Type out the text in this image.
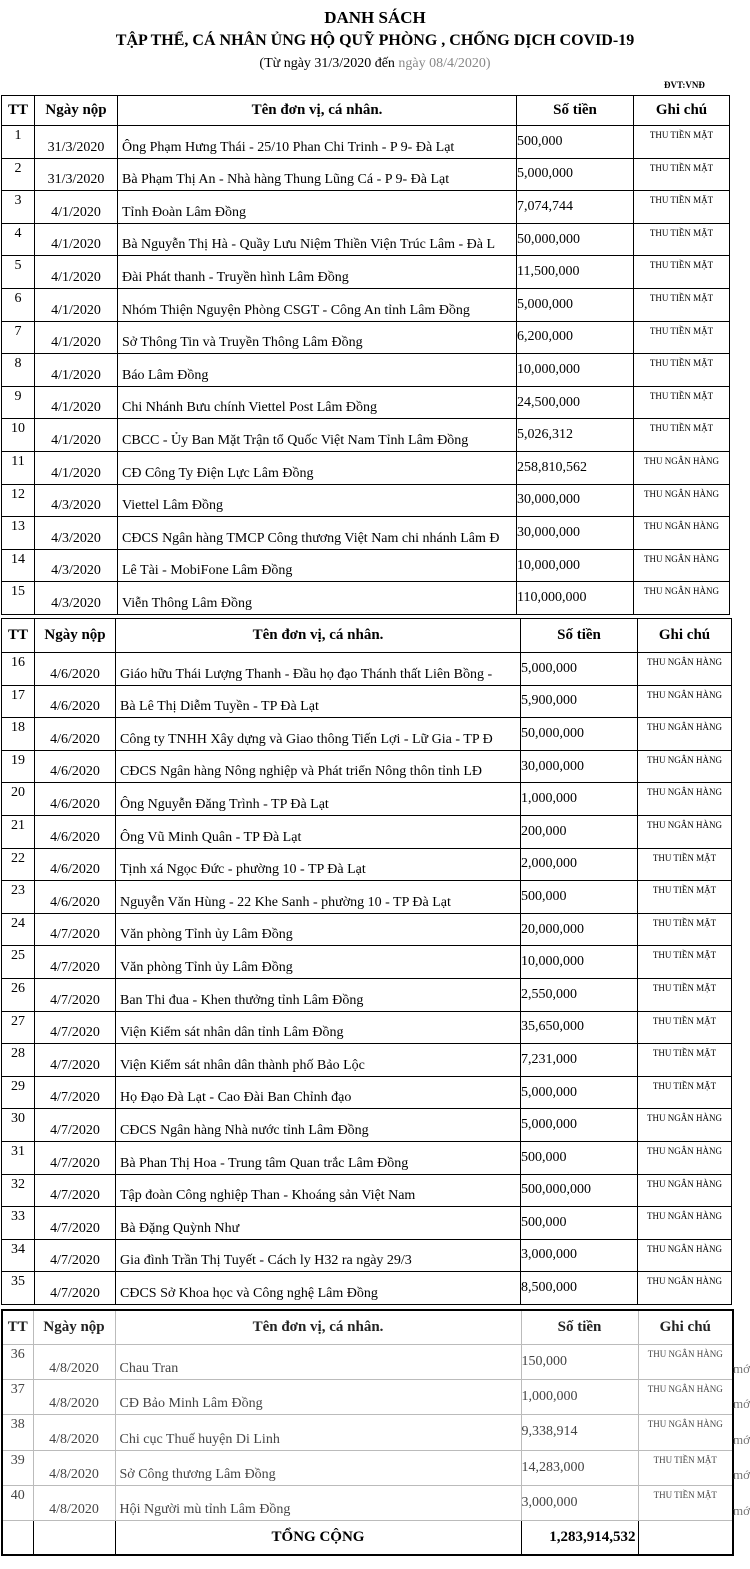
DANH SÁCH
TẬP THỂ, CÁ NHÂN ỦNG HỘ QUỸ PHÒNG , CHỐNG DỊCH COVID-19
(Từ ngày 31/3/2020 đến ngày 08/4/2020)
ĐVT:VNĐ
TT	Ngày nộp	Tên đơn vị, cá nhân.	Số tiền	Ghi chú
1	31/3/2020	Ông Phạm Hưng Thái - 25/10 Phan Chi Trinh - P 9- Đà Lạt	500,000	THU TIỀN MẶT
2	31/3/2020	Bà Phạm Thị An - Nhà hàng Thung Lũng Cá - P 9- Đà Lạt	5,000,000	THU TIỀN MẶT
3	4/1/2020	Tỉnh Đoàn Lâm Đồng	7,074,744	THU TIỀN MẶT
4	4/1/2020	Bà Nguyễn Thị Hà - Quầy Lưu Niệm Thiền Viện Trúc Lâm - Đà L	50,000,000	THU TIỀN MẶT
5	4/1/2020	Đài Phát thanh - Truyền hình Lâm Đồng	11,500,000	THU TIỀN MẶT
6	4/1/2020	Nhóm Thiện Nguyện Phòng CSGT - Công An tỉnh Lâm Đồng	5,000,000	THU TIỀN MẶT
7	4/1/2020	Sở Thông Tin và Truyền Thông Lâm Đồng	6,200,000	THU TIỀN MẶT
8	4/1/2020	Báo Lâm Đồng	10,000,000	THU TIỀN MẶT
9	4/1/2020	Chi Nhánh Bưu chính Viettel Post Lâm Đồng	24,500,000	THU TIỀN MẶT
10	4/1/2020	CBCC - Ủy Ban Mặt Trận tổ Quốc Việt Nam Tỉnh Lâm Đồng	5,026,312	THU TIỀN MẶT
11	4/1/2020	CĐ Công Ty Điện Lực Lâm Đồng	258,810,562	THU NGÂN HÀNG
12	4/3/2020	Viettel Lâm Đồng	30,000,000	THU NGÂN HÀNG
13	4/3/2020	CĐCS Ngân hàng TMCP Công thương Việt Nam chi nhánh Lâm Đ	30,000,000	THU NGÂN HÀNG
14	4/3/2020	Lê Tài - MobiFone Lâm Đồng	10,000,000	THU NGÂN HÀNG
15	4/3/2020	Viễn Thông Lâm Đồng	110,000,000	THU NGÂN HÀNG
TT	Ngày nộp	Tên đơn vị, cá nhân.	Số tiền	Ghi chú
16	4/6/2020	Giáo hữu Thái Lượng Thanh - Đầu họ đạo Thánh thất Liên Bồng -	5,000,000	THU NGÂN HÀNG
17	4/6/2020	Bà Lê Thị Diễm Tuyền - TP Đà Lạt	5,900,000	THU NGÂN HÀNG
18	4/6/2020	Công ty TNHH Xây dựng và Giao thông Tiến Lợi - Lữ Gia - TP Đ	50,000,000	THU NGÂN HÀNG
19	4/6/2020	CĐCS Ngân hàng Nông nghiệp và Phát triển Nông thôn tỉnh LĐ	30,000,000	THU NGÂN HÀNG
20	4/6/2020	Ông Nguyễn Đăng Trình - TP Đà Lạt	1,000,000	THU NGÂN HÀNG
21	4/6/2020	Ông Vũ Minh Quân - TP Đà Lạt	200,000	THU NGÂN HÀNG
22	4/6/2020	Tịnh xá Ngọc Đức - phường 10 - TP Đà Lạt	2,000,000	THU TIỀN MẶT
23	4/6/2020	Nguyễn Văn Hùng - 22 Khe Sanh - phường 10 - TP Đà Lạt	500,000	THU TIỀN MẶT
24	4/7/2020	Văn phòng Tỉnh ủy Lâm Đồng	20,000,000	THU TIỀN MẶT
25	4/7/2020	Văn phòng Tỉnh ủy Lâm Đồng	10,000,000	THU TIỀN MẶT
26	4/7/2020	Ban Thi đua - Khen thưởng tỉnh Lâm Đồng	2,550,000	THU TIỀN MẶT
27	4/7/2020	Viện Kiểm sát nhân dân tỉnh Lâm Đồng	35,650,000	THU TIỀN MẶT
28	4/7/2020	Viện Kiểm sát nhân dân thành phố Bảo Lộc	7,231,000	THU TIỀN MẶT
29	4/7/2020	Họ Đạo Đà Lạt - Cao Đài Ban Chỉnh đạo	5,000,000	THU TIỀN MẶT
30	4/7/2020	CĐCS Ngân hàng Nhà nước tỉnh Lâm Đồng	5,000,000	THU NGÂN HÀNG
31	4/7/2020	Bà Phan Thị Hoa - Trung tâm Quan trắc Lâm Đồng	500,000	THU NGÂN HÀNG
32	4/7/2020	Tập đoàn Công nghiệp Than - Khoáng sản Việt Nam	500,000,000	THU NGÂN HÀNG
33	4/7/2020	Bà Đặng Quỳnh Như	500,000	THU NGÂN HÀNG
34	4/7/2020	Gia đình Trần Thị Tuyết - Cách ly H32 ra ngày 29/3	3,000,000	THU NGÂN HÀNG
35	4/7/2020	CĐCS Sở Khoa học và Công nghệ Lâm Đồng	8,500,000	THU NGÂN HÀNG
TT	Ngày nộp	Tên đơn vị, cá nhân.	Số tiền	Ghi chú
36	4/8/2020	Chau Tran	150,000	THU NGÂN HÀNG
37	4/8/2020	CĐ Bảo Minh Lâm Đồng	1,000,000	THU NGÂN HÀNG
38	4/8/2020	Chi cục Thuế huyện Di Linh	9,338,914	THU NGÂN HÀNG
39	4/8/2020	Sở Công thương Lâm Đồng	14,283,000	THU TIỀN MẶT
40	4/8/2020	Hội Người mù tỉnh Lâm Đồng	3,000,000	THU TIỀN MẶT
		TỔNG CỘNG	1,283,914,532	
mớ
mớ
mớ
mớ
mớ
